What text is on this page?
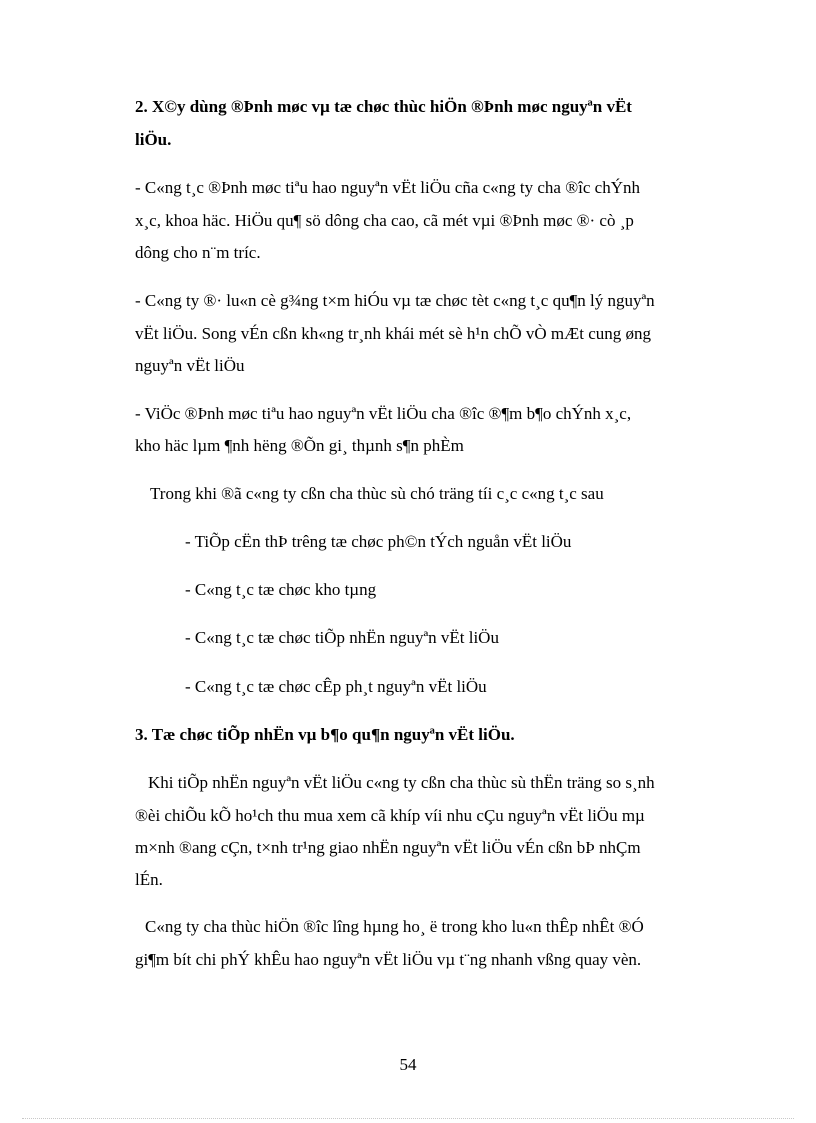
2. X©y dùng ®Þnh møc vµ tæ chøc thùc hiÖn ®Þnh møc nguyªn vËt

liÖu.

- C«ng t¸c ®Þnh møc tiªu hao nguyªn vËt liÖu cña c«ng ty cha ®îc chÝnh

x¸c, khoa häc. HiÖu qu¶ sö dông cha cao, cã mét vµi ®Þnh møc ®· cò ¸p

dông cho n¨m tríc.

- C«ng ty ®· lu«n cè g¾ng t×m hiÓu vµ tæ chøc tèt c«ng t¸c qu¶n lý nguyªn

vËt liÖu. Song vÉn cßn kh«ng tr¸nh khái mét sè h¹n chÕ vÒ mÆt cung øng

nguyªn vËt liÖu

- ViÖc ®Þnh møc tiªu hao nguyªn vËt liÖu cha ®îc ®¶m b¶o chÝnh x¸c,

kho häc lµm ¶nh hëng ®Õn gi¸ thµnh s¶n phÈm

Trong khi ®ã c«ng ty cßn cha thùc sù chó träng tíi c¸c c«ng t¸c sau

- TiÕp cËn thÞ trêng tæ chøc ph©n tÝch nguån vËt liÖu

- C«ng t¸c tæ chøc kho tµng

- C«ng t¸c tæ chøc tiÕp nhËn nguyªn vËt liÖu

- C«ng t¸c tæ chøc cÊp ph¸t nguyªn vËt liÖu

3. Tæ chøc tiÕp nhËn vµ b¶o qu¶n nguyªn vËt liÖu.

Khi tiÕp nhËn nguyªn vËt liÖu c«ng ty cßn cha thùc sù thËn träng so s¸nh

®èi chiÕu kÕ ho¹ch thu mua xem cã khíp víi nhu cÇu nguyªn vËt liÖu mµ

m×nh ®ang cÇn, t×nh tr¹ng giao nhËn nguyªn vËt liÖu vÉn cßn bÞ nhÇm

lÉn.

C«ng ty cha thùc hiÖn ®îc lîng hµng ho¸ ë trong kho lu«n thÊp nhÊt ®Ó

gi¶m bít chi phÝ khÊu hao nguyªn vËt liÖu vµ t¨ng nhanh vßng quay vèn.

54
